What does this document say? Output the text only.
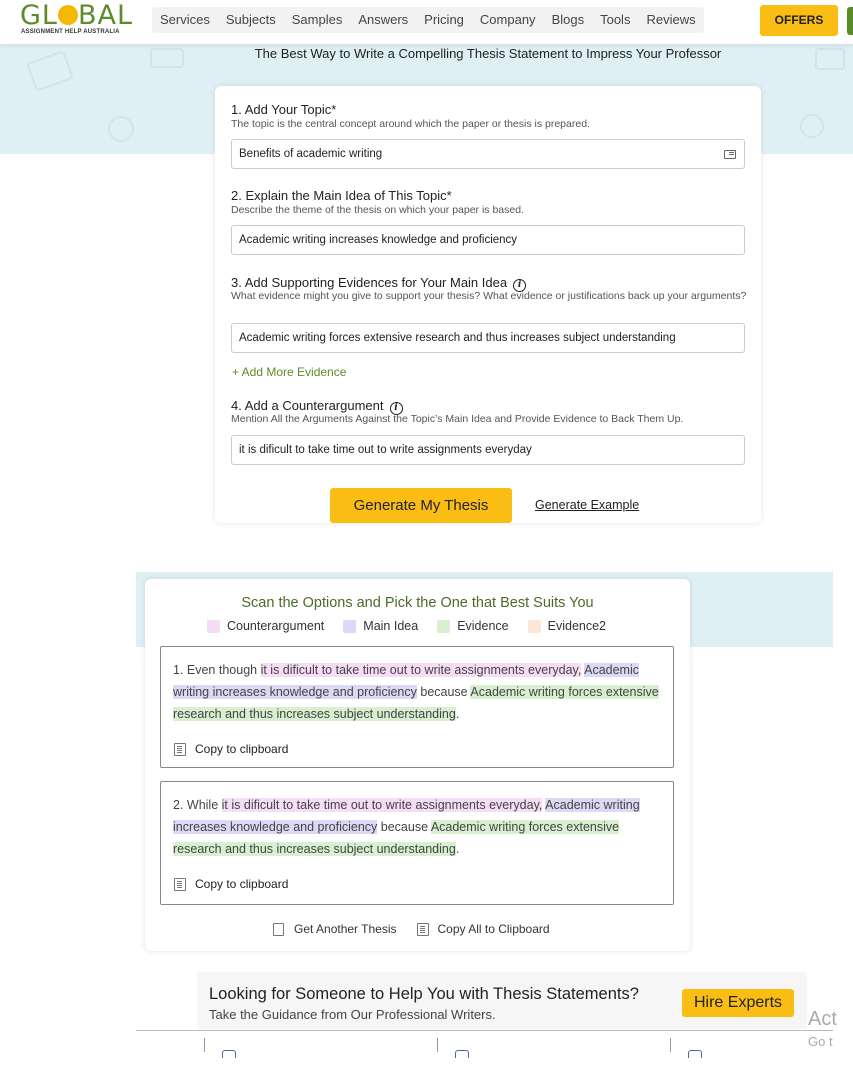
GL BAL
ASSIGNMENT HELP AUSTRALIA
Services	Subjects	Samples	Answers	Pricing	Company	Blogs	Tools	Reviews	OFFERS
The Best Way to Write a Compelling Thesis Statement to Impress Your Professor
1. Add Your Topic*
The topic is the central concept around which the paper or thesis is prepared.
Benefits of academic writing
2. Explain the Main Idea of This Topic*
Describe the theme of the thesis on which your paper is based.
Academic writing increases knowledge and proficiency
3. Add Supporting Evidences for Your Main Idea i
What evidence might you give to support your thesis? What evidence or justifications back up your arguments?
Academic writing forces extensive research and thus increases subject understanding
+ Add More Evidence
4. Add a Counterargument i
Mention All the Arguments Against the Topic’s Main Idea and Provide Evidence to Back Them Up.
it is dificult to take time out to write assignments everyday
Generate My Thesis	Generate Example
Scan the Options and Pick the One that Best Suits You
Counterargument	Main Idea	Evidence	Evidence2
1. Even though it is dificult to take time out to write assignments everyday, Academic writing increases knowledge and proficiency because Academic writing forces extensive research and thus increases subject understanding.
Copy to clipboard
2. While it is dificult to take time out to write assignments everyday, Academic writing increases knowledge and proficiency because Academic writing forces extensive research and thus increases subject understanding.
Copy to clipboard
Get Another Thesis	Copy All to Clipboard
Looking for Someone to Help You with Thesis Statements?
Take the Guidance from Our Professional Writers.
Hire Experts
Act
Go t
